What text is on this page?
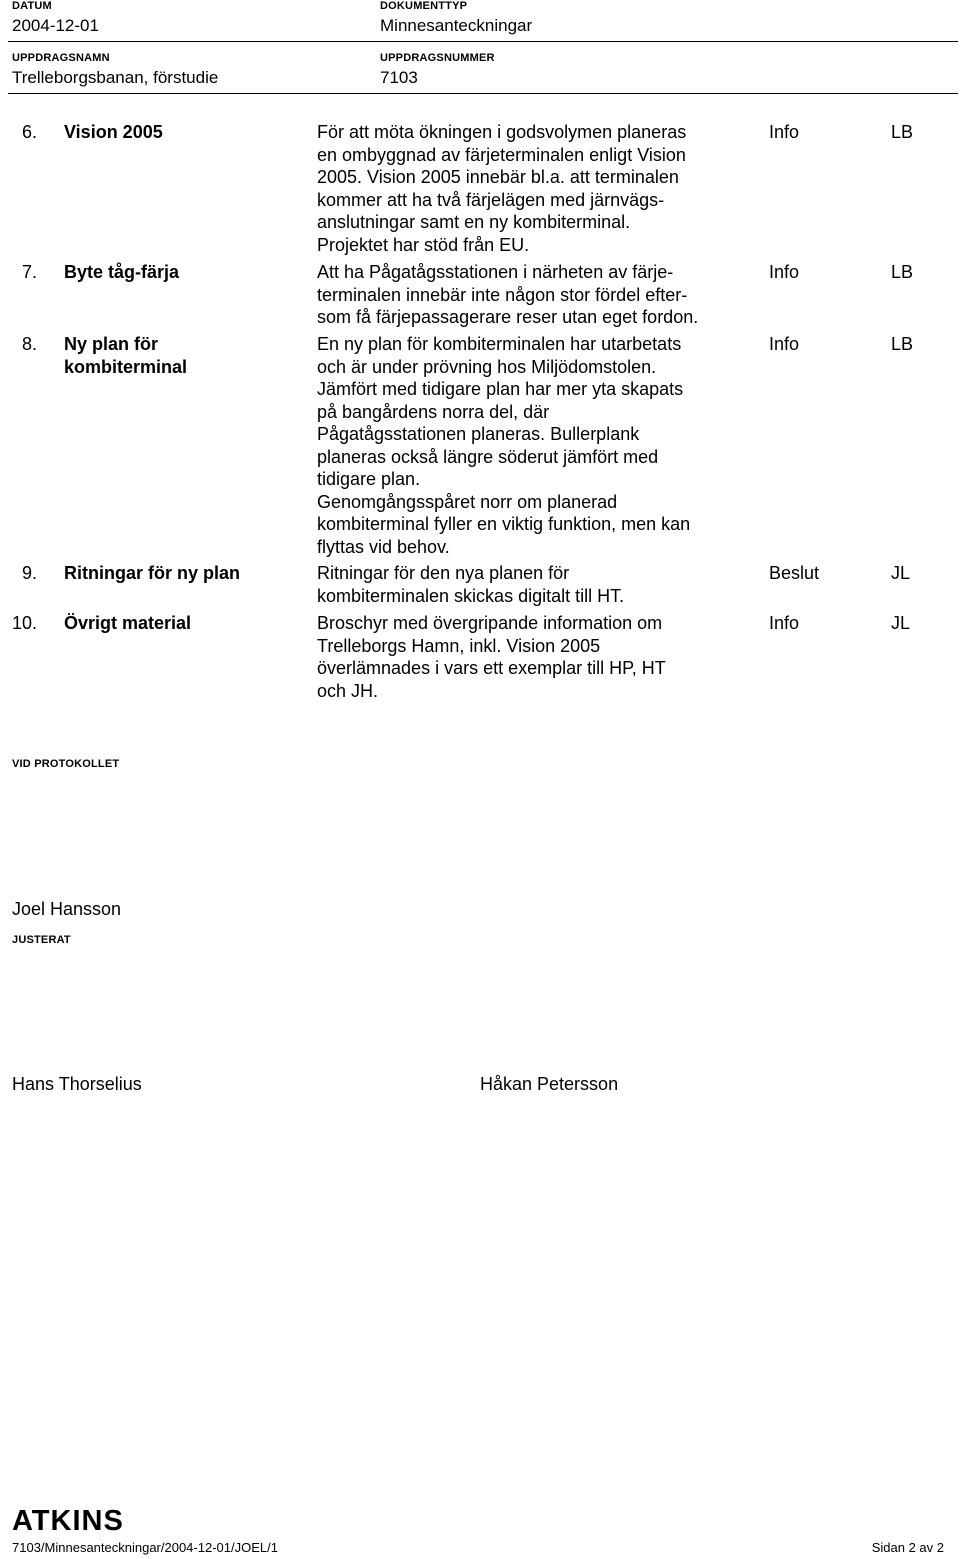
DATUM
2004-12-01
DOKUMENTTYP
Minnesanteckningar
UPPDRAGSNAMN
Trelleborgsbanan, förstudie
UPPDRAGSNUMMER
7103
6. Vision 2005	För att möta ökningen i godsvolymen planeras
en ombyggnad av färjeterminalen enligt Vision
2005. Vision 2005 innebär bl.a. att terminalen
kommer att ha två färjelägen med järnvägs-
anslutningar samt en ny kombiterminal.
Projektet har stöd från EU.
Info	LB
7. Byte tåg-färja	Att ha Pågatågsstationen i närheten av färje-
terminalen innebär inte någon stor fördel efter-
som få färjepassagerare reser utan eget fordon.
Info	LB
8. Ny plan för
kombiterminal
En ny plan för kombiterminalen har utarbetats
och är under prövning hos Miljödomstolen.
Jämfört med tidigare plan har mer yta skapats
på bangårdens norra del, där
Pågatågsstationen planeras. Bullerplank
planeras också längre söderut jämfört med
tidigare plan.
Genomgångsspåret norr om planerad
kombiterminal fyller en viktig funktion, men kan
flyttas vid behov.
Info	LB
9. Ritningar för ny plan	Ritningar för den nya planen för
kombiterminalen skickas digitalt till HT.
Beslut	JL
10. Övrigt material	Broschyr med övergripande information om
Trelleborgs Hamn, inkl. Vision 2005
överlämnades i vars ett exemplar till HP, HT
och JH.
Info	JL
VID PROTOKOLLET
Joel Hansson
JUSTERAT
Hans Thorselius	Håkan Petersson
ATKINS
7103/Minnesanteckningar/2004-12-01/JOEL/1	Sidan 2 av 2
